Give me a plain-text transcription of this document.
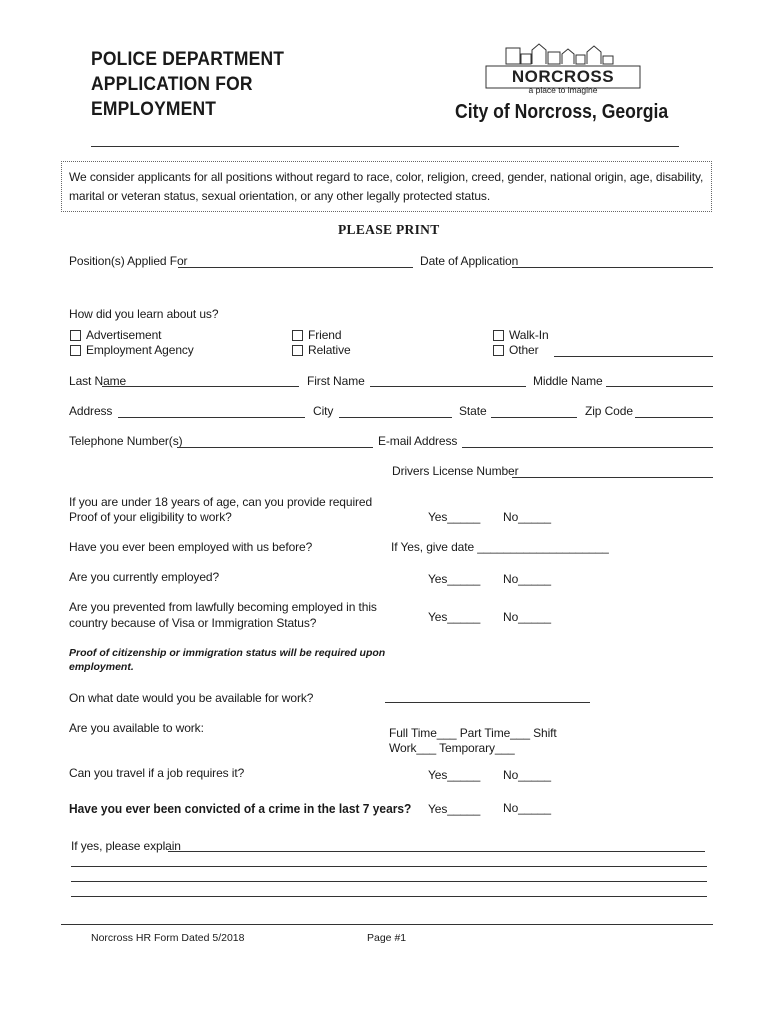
POLICE DEPARTMENT
APPLICATION FOR
EMPLOYMENT
NORCROSS
a place to imagine
City of Norcross, Georgia
We consider applicants for all positions without regard to race, color, religion, creed, gender, national origin, age, disability,
marital or veteran status, sexual orientation, or any other legally protected status.
PLEASE PRINT
Position(s) Applied For	Date of Application
How did you learn about us?
Advertisement
Employment Agency
Friend
Relative
Walk-In
Other
Last Name	First Name	Middle Name
Address	City	State	Zip Code
Telephone Number(s)	E-mail Address
Drivers License Number
If you are under 18 years of age, can you provide required
Proof of your eligibility to work?	Yes_____ No_____
Have you ever been employed with us before?	If Yes, give date ____________________
Are you currently employed?	Yes_____ No_____
Are you prevented from lawfully becoming employed in this
country because of Visa or Immigration Status?	Yes_____ No_____
Proof of citizenship or immigration status will be required upon
employment.
On what date would you be available for work?
Are you available to work:	Full Time___ Part Time___ Shift
Work___ Temporary___
Can you travel if a job requires it?	Yes_____ No_____
Have you ever been convicted of a crime in the last 7 years? Yes_____ No_____
If yes, please explain
Norcross HR Form Dated 5/2018	Page #1
